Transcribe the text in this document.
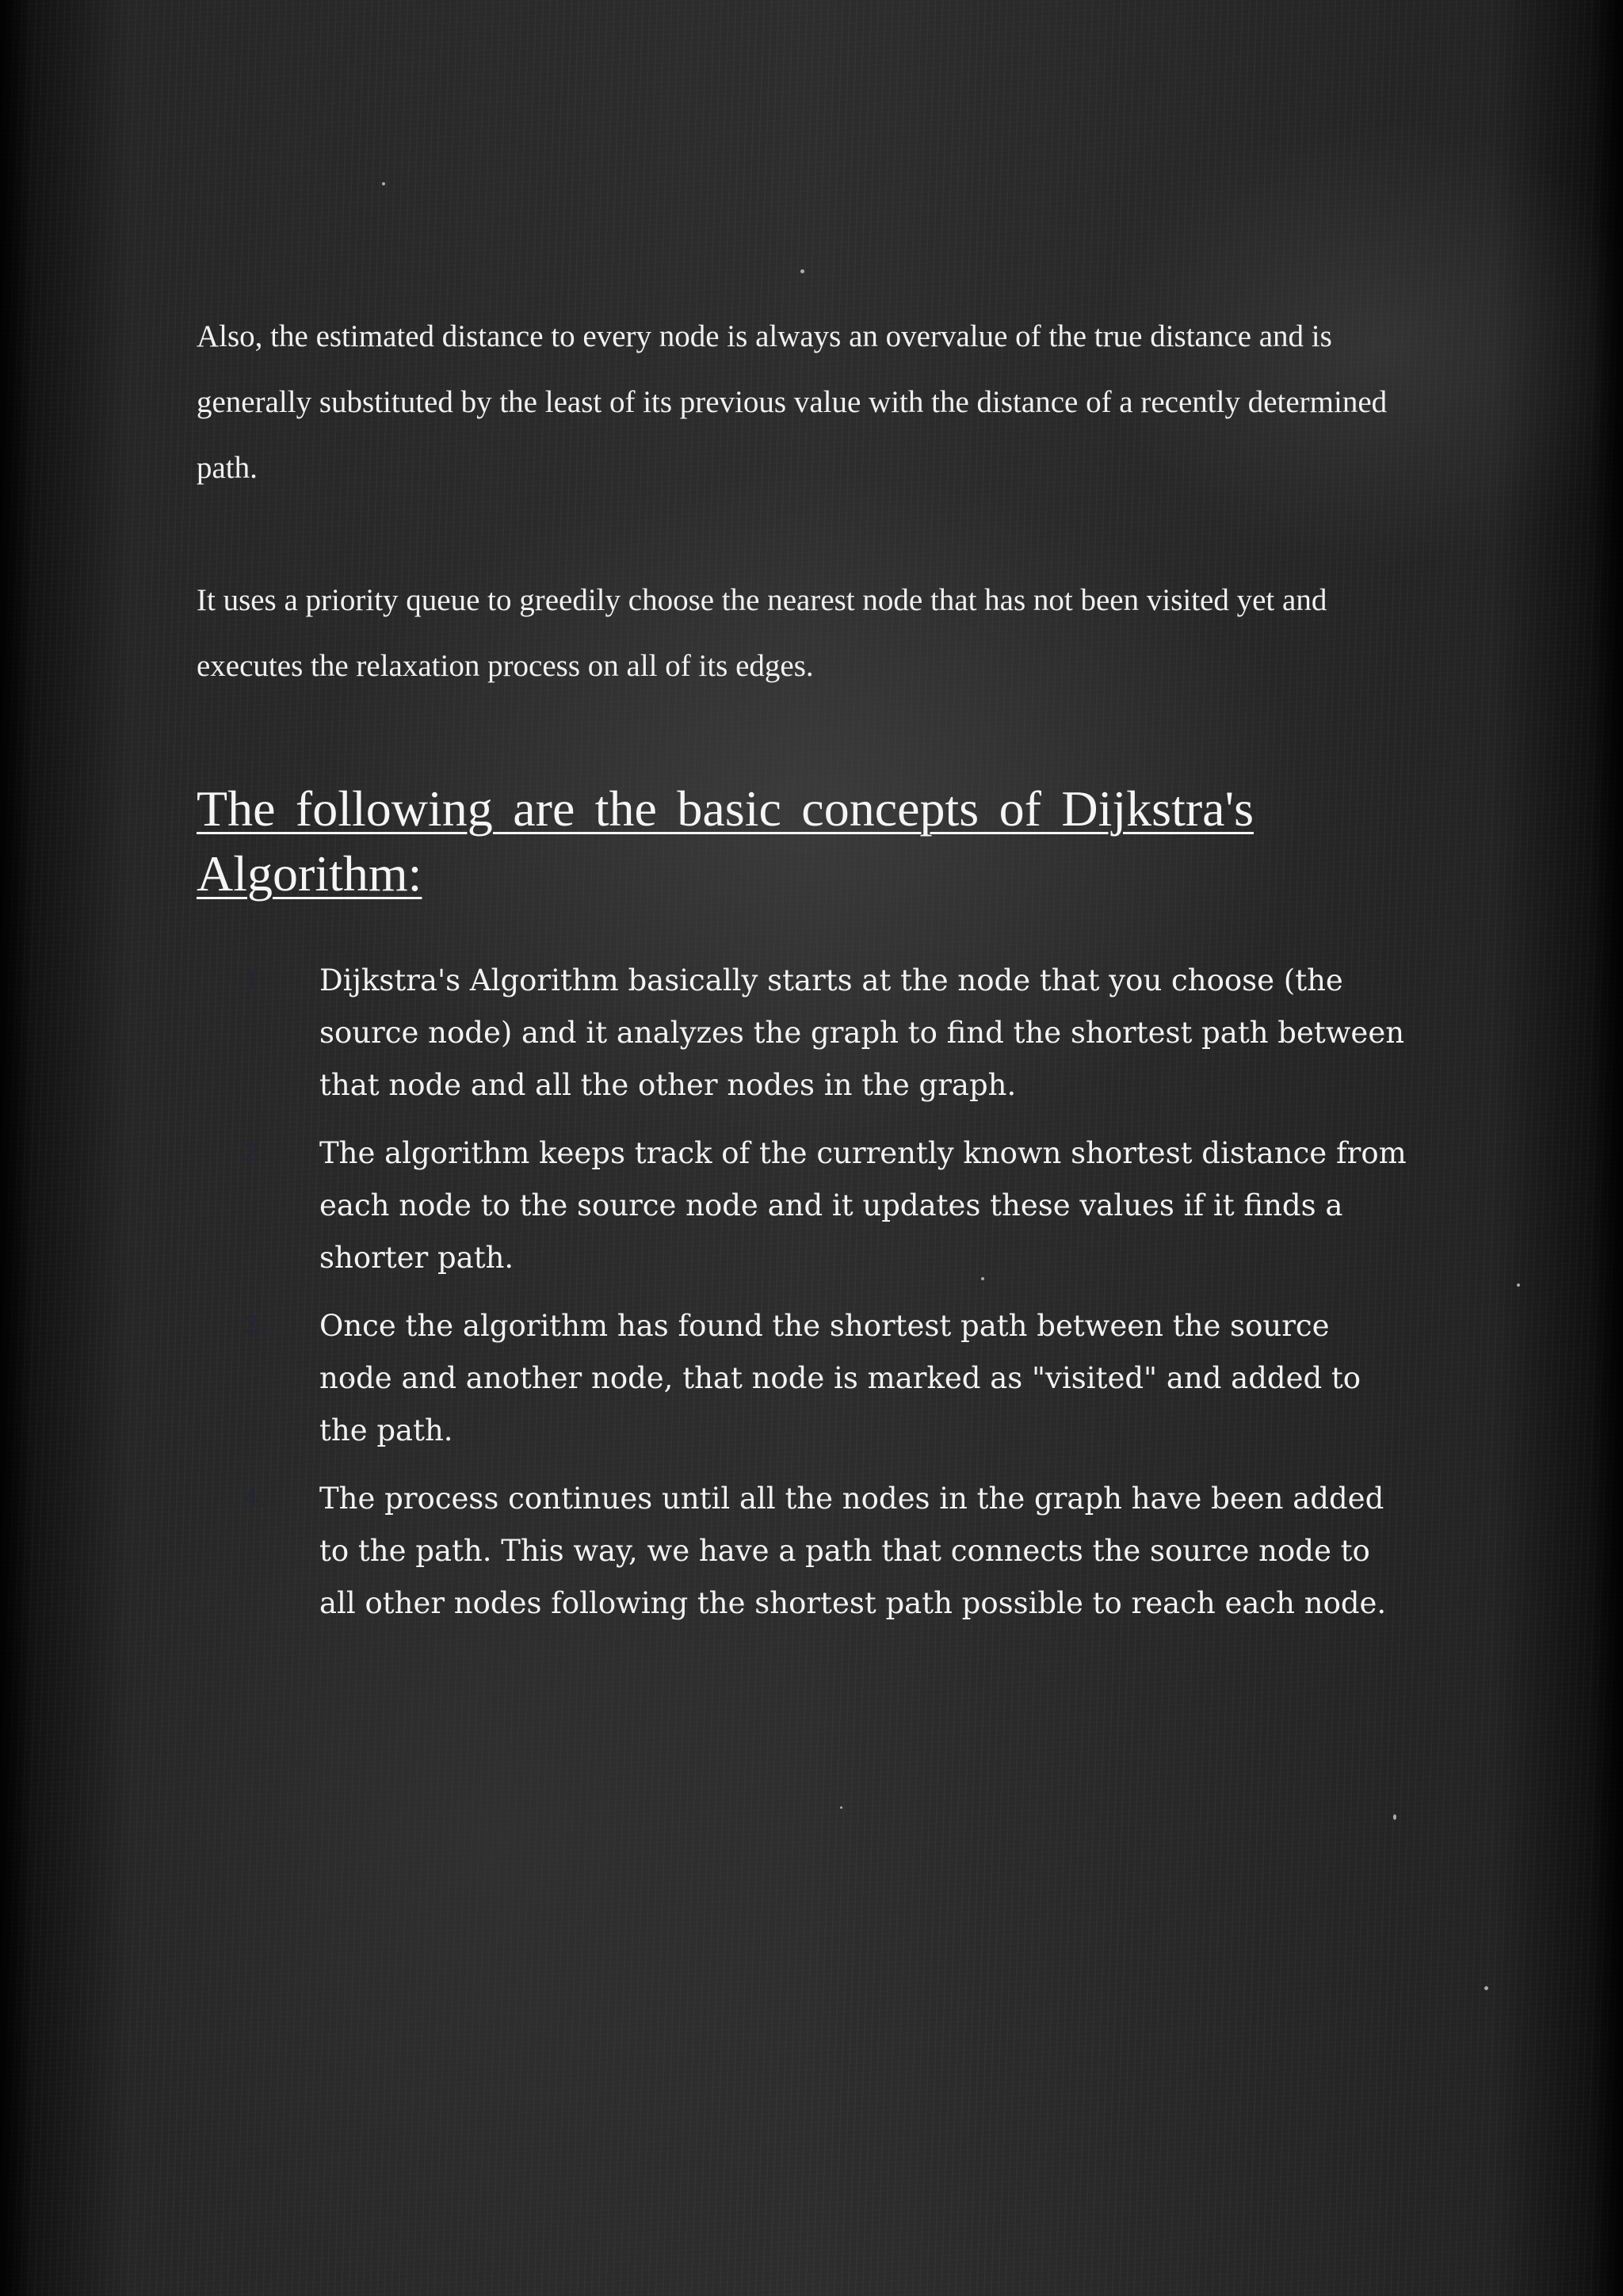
Also, the estimated distance to every node is always an overvalue of the true distance and is generally substituted by the least of its previous value with the distance of a recently determined path.

It uses a priority queue to greedily choose the nearest node that has not been visited yet and executes the relaxation process on all of its edges.

The following are the basic concepts of Dijkstra's Algorithm:
1. Dijkstra's Algorithm basically starts at the node that you choose (the source node) and it analyzes the graph to find the shortest path between that node and all the other nodes in the graph.
2. The algorithm keeps track of the currently known shortest distance from each node to the source node and it updates these values if it finds a shorter path.
3. Once the algorithm has found the shortest path between the source node and another node, that node is marked as "visited" and added to the path.
4. The process continues until all the nodes in the graph have been added to the path. This way, we have a path that connects the source node to all other nodes following the shortest path possible to reach each node.
